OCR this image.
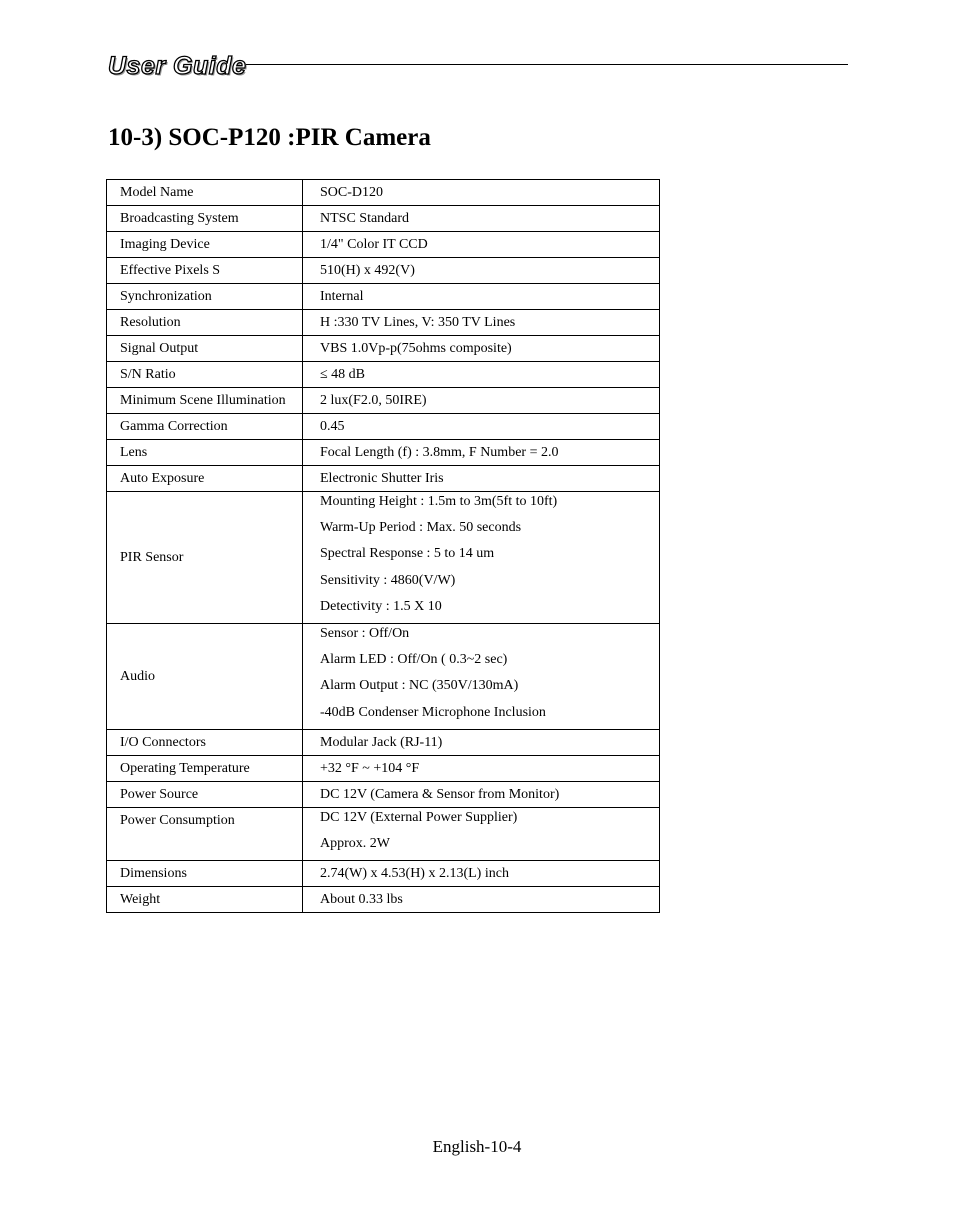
User Guide
10-3) SOC-P120 :PIR Camera
Model Name	SOC-D120
Broadcasting System	NTSC Standard
Imaging Device	1/4" Color IT CCD
Effective Pixels S	510(H) x 492(V)
Synchronization	Internal
Resolution	H :330 TV Lines, V: 350 TV Lines
Signal Output	VBS 1.0Vp-p(75ohms composite)
S/N Ratio	≤ 48 dB
Minimum Scene Illumination	2 lux(F2.0, 50IRE)
Gamma Correction	0.45
Lens	Focal Length (f) : 3.8mm, F Number = 2.0
Auto Exposure	Electronic Shutter Iris
PIR Sensor	Mounting Height : 1.5m to 3m(5ft to 10ft)
Warm-Up Period : Max. 50 seconds
Spectral Response : 5 to 14 um
Sensitivity : 4860(V/W)
Detectivity : 1.5 X 10

Audio	Sensor : Off/On
Alarm LED : Off/On ( 0.3~2 sec)
Alarm Output : NC (350V/130mA)
-40dB Condenser Microphone Inclusion

I/O Connectors	Modular Jack (RJ-11)
Operating Temperature	+32 °F ~ +104 °F
Power Source	DC 12V (Camera & Sensor from Monitor)
Power Consumption	DC 12V (External Power Supplier)
Approx. 2W

Dimensions	2.74(W) x 4.53(H) x 2.13(L) inch
Weight	About 0.33 lbs
English-10-4
